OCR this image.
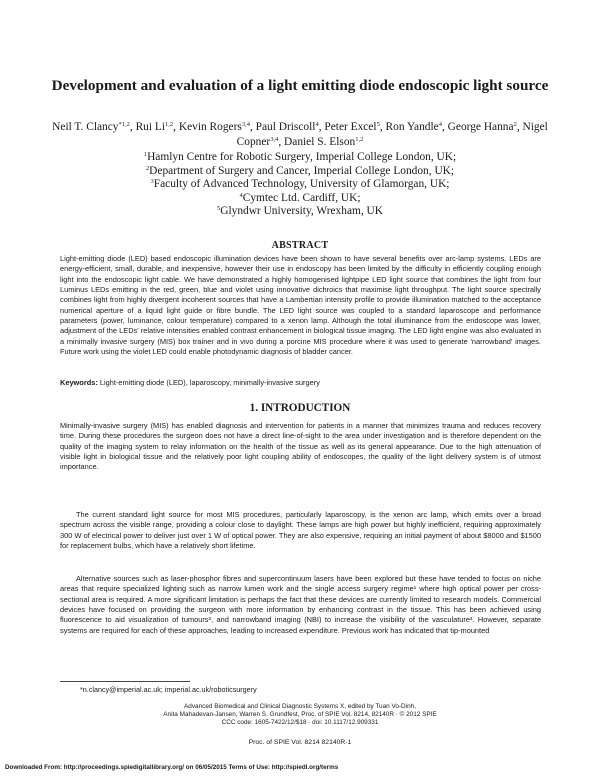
Development and evaluation of a light emitting diode endoscopic light source
Neil T. Clancy$^{*1,2}$, Rui Li$^{1,2}$, Kevin Rogers$^{3,4}$, Paul Driscoll$^4$, Peter Excel$^5$, Ron Yandle$^4$, George Hanna$^2$, Nigel Copner$^{3,4}$, Daniel S. Elson$^{1,2}$
$^1$Hamlyn Centre for Robotic Surgery, Imperial College London, UK;
$^2$Department of Surgery and Cancer, Imperial College London, UK;
$^3$Faculty of Advanced Technology, University of Glamorgan, UK;
$^4$Cymtec Ltd. Cardiff, UK;
$^5$Glyndwr University, Wrexham, UK
ABSTRACT
Light-emitting diode (LED) based endoscopic illumination devices have been shown to have several benefits over arc-lamp systems. LEDs are energy-efficient, small, durable, and inexpensive, however their use in endoscopy has been limited by the difficulty in efficiently coupling enough light into the endoscopic light cable. We have demonstrated a highly homogenised lightpipe LED light source that combines the light from four Luminus LEDs emitting in the red, green, blue and violet using innovative dichroics that maximise light throughput. The light source spectrally combines light from highly divergent incoherent sources that have a Lambertian intensity profile to provide illumination matched to the acceptance numerical aperture of a liquid light guide or fibre bundle. The LED light source was coupled to a standard laparoscope and performance parameters (power, luminance, colour temperature) compared to a xenon lamp. Although the total illuminance from the endoscope was lower, adjustment of the LEDs' relative intensities enabled contrast enhancement in biological tissue imaging. The LED light engine was also evaluated in a minimally invasive surgery (MIS) box trainer and in vivo during a porcine MIS procedure where it was used to generate 'narrowband' images. Future work using the violet LED could enable photodynamic diagnosis of bladder cancer.
Keywords: Light-emitting diode (LED), laparoscopy, minimally-invasive surgery
1. INTRODUCTION
Minimally-invasive surgery (MIS) has enabled diagnosis and intervention for patients in a manner that minimizes trauma and reduces recovery time. During these procedures the surgeon does not have a direct line-of-sight to the area under investigation and is therefore dependent on the quality of the imaging system to relay information on the health of the tissue as well as its general appearance. Due to the high attenuation of visible light in biological tissue and the relatively poor light coupling ability of endoscopes, the quality of the light delivery system is of utmost importance.
The current standard light source for most MIS procedures, particularly laparoscopy, is the xenon arc lamp, which emits over a broad spectrum across the visible range, providing a colour close to daylight. These lamps are high power but highly inefficient, requiring approximately 300 W of electrical power to deliver just over 1 W of optical power. They are also expensive, requiring an initial payment of about $8000 and $1500 for replacement bulbs, which have a relatively short lifetime.
Alternative sources such as laser-phosphor fibres and supercontinuum lasers have been explored but these have tended to focus on niche areas that require specialized lighting such as narrow lumen work and the single access surgery regime¹ where high optical power per cross-sectional area is required. A more significant limitation is perhaps the fact that these devices are currently limited to research models. Commercial devices have focused on providing the surgeon with more information by enhancing contrast in the tissue. This has been achieved using fluorescence to aid visualization of tumours², and narrowband imaging (NBI) to increase the visibility of the vasculature³. However, separate systems are required for each of these approaches, leading to increased expenditure. Previous work has indicated that tip-mounted
*n.clancy@imperial.ac.uk; imperial.ac.uk/roboticsurgery
Advanced Biomedical and Clinical Diagnostic Systems X, edited by Tuan Vo-Dinh,
Anita Mahadevan-Jansen, Warren S. Grundfest, Proc. of SPIE Vol. 8214, 82140R · © 2012 SPIE
CCC code: 1605-7422/12/$18 · doi: 10.1117/12.909331
Proc. of SPIE Vol. 8214 82140R-1
Downloaded From: http://proceedings.spiedigitallibrary.org/ on 06/05/2015 Terms of Use: http://spiedl.org/terms
